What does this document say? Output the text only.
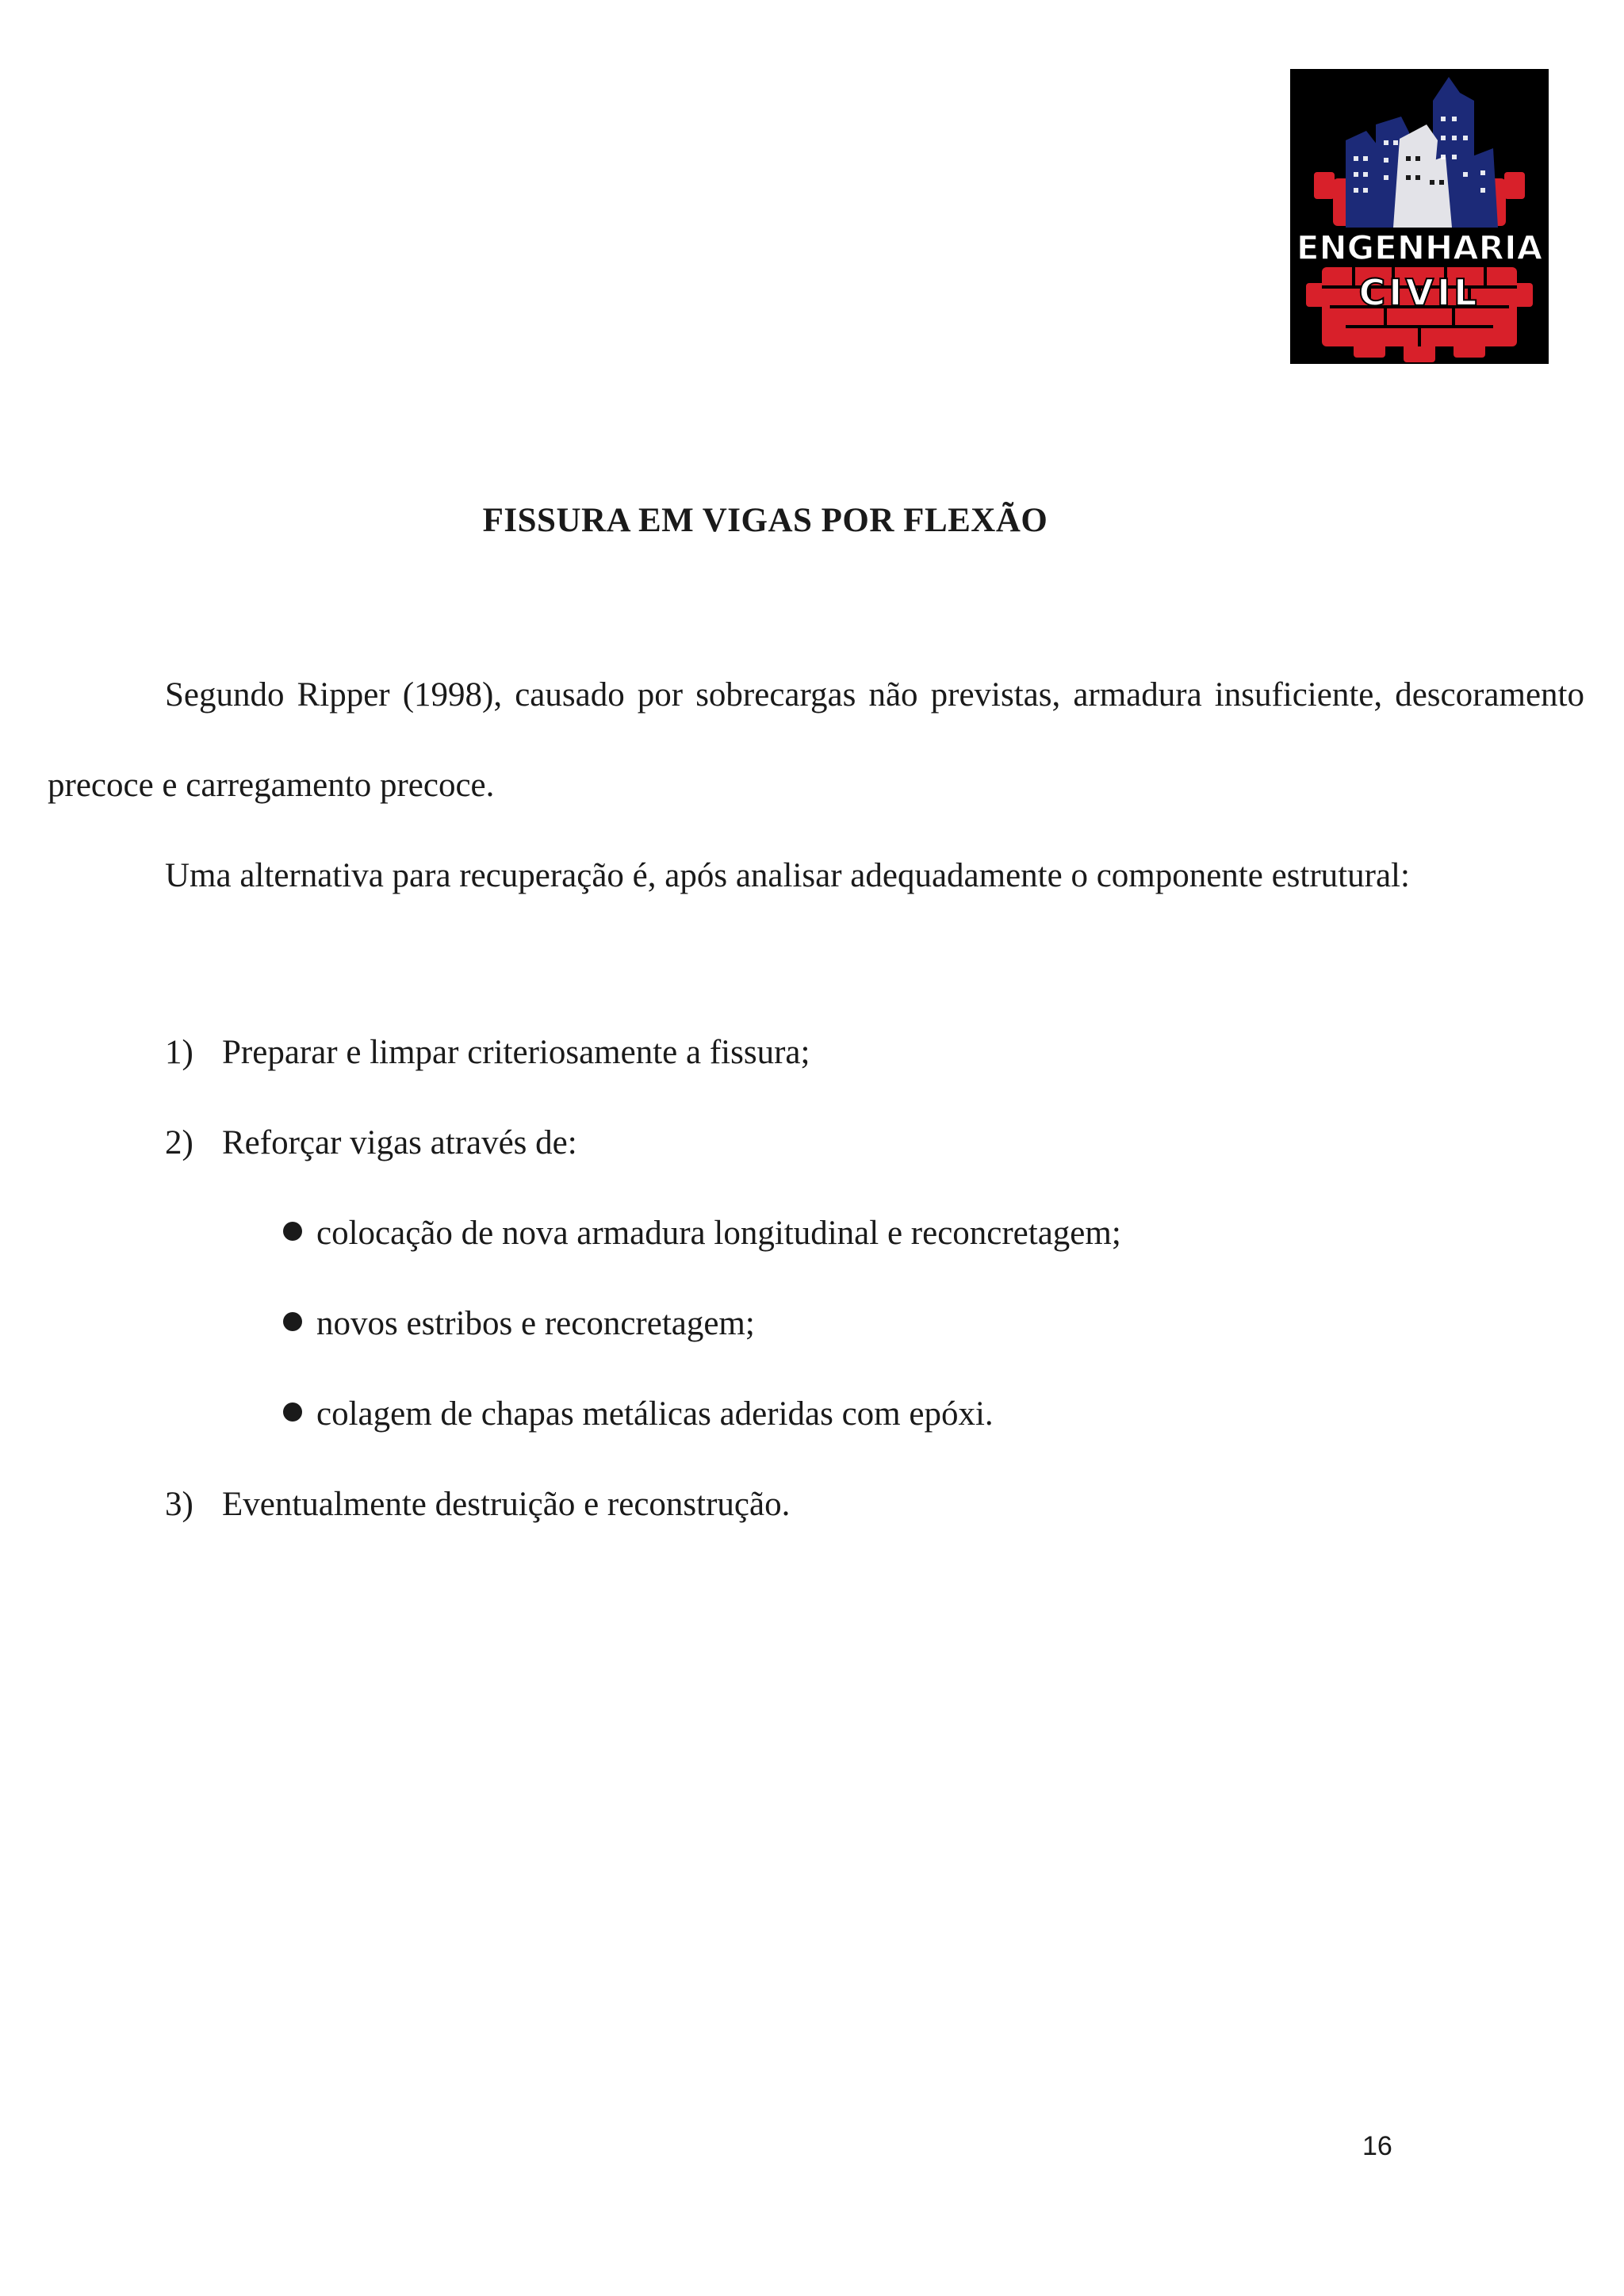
ENGENHARIA
CIVIL
FISSURA EM VIGAS POR FLEXÃO

Segundo Ripper (1998), causado por sobrecargas não previstas, armadura insuficiente, descoramento precoce e carregamento precoce.

Uma alternativa para recuperação é, após analisar adequadamente o componente estrutural:

1) Preparar e limpar criteriosamente a fissura;

2) Reforçar vigas através de:

colocação de nova armadura longitudinal e reconcretagem;

novos estribos e reconcretagem;

colagem de chapas metálicas aderidas com epóxi.

3) Eventualmente destruição e reconstrução.

16
